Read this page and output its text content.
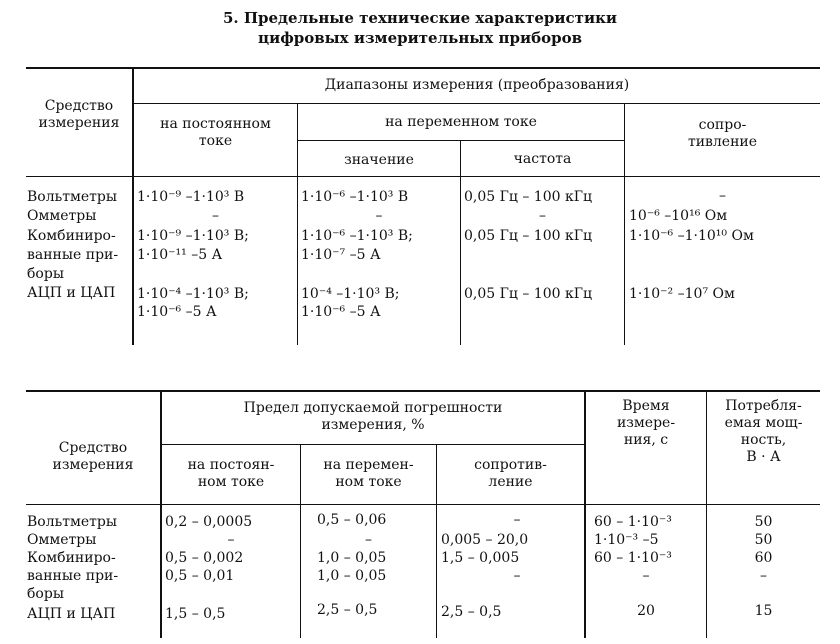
5. Предельные технические характеристики
цифровых измерительных приборов
Средство
измерения
Диапазоны измерения (преобразования)
на постоянном
токе
на переменном токе
значение	частота
сопро-
тивление
Вольтметры
Омметры
Комбиниро-
ванные при-
боры
АЦП и ЦАП
1·10⁻⁹ –1·10³ В
–
1·10⁻⁹ –1·10³ В;
1·10⁻¹¹ –5 А
1·10⁻⁴ –1·10³ В;
1·10⁻⁶ –5 А
1·10⁻⁶ –1·10³ В
–
1·10⁻⁶ –1·10³ В;
1·10⁻⁷ –5 А
10⁻⁴ –1·10³ В;
1·10⁻⁶ –5 А
0,05 Гц – 100 кГц
–
0,05 Гц – 100 кГц
0,05 Гц – 100 кГц
–
10⁻⁶ –10¹⁶ Ом
1·10⁻⁶ –1·10¹⁰ Ом
1·10⁻² –10⁷ Ом
Средство
измерения
Предел допускаемой погрешности
измерения, %
на постоян-
ном токе
на перемен-
ном токе
сопротив-
ление
Время
измере-
ния, с
Потребля-
емая мощ-
ность,
В · А
Вольтметры
Омметры
Комбиниро-
ванные при-
боры
АЦП и ЦАП
0,2 – 0,0005
–
0,5 – 0,002
0,5 – 0,01
1,5 – 0,5
0,5 – 0,06
–
1,0 – 0,05
1,0 – 0,05
2,5 – 0,5
–
0,005 – 20,0
1,5 – 0,005
–
2,5 – 0,5
60 – 1·10⁻³
1·10⁻³ –5
60 – 1·10⁻³
–
20
50
50
60
–
15
